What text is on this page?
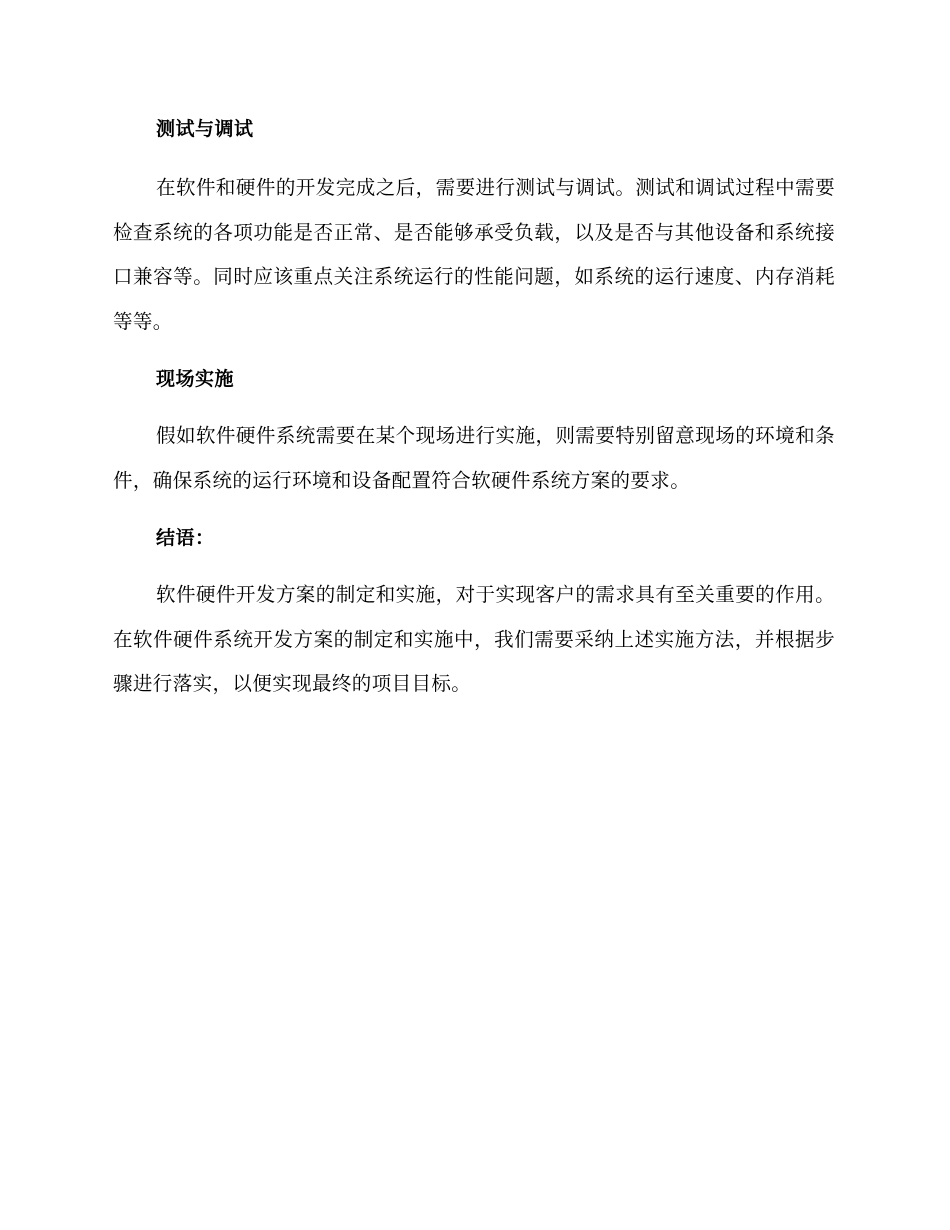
测试与调试

在软件和硬件的开发完成之后，需要进行测试与调试。测试和调试过程中需要检查系统的各项功能是否正常、是否能够承受负载，以及是否与其他设备和系统接口兼容等。同时应该重点关注系统运行的性能问题，如系统的运行速度、内存消耗等等。

现场实施

假如软件硬件系统需要在某个现场进行实施，则需要特别留意现场的环境和条件，确保系统的运行环境和设备配置符合软硬件系统方案的要求。

结语：

软件硬件开发方案的制定和实施，对于实现客户的需求具有至关重要的作用。在软件硬件系统开发方案的制定和实施中，我们需要采纳上述实施方法，并根据步骤进行落实，以便实现最终的项目目标。
